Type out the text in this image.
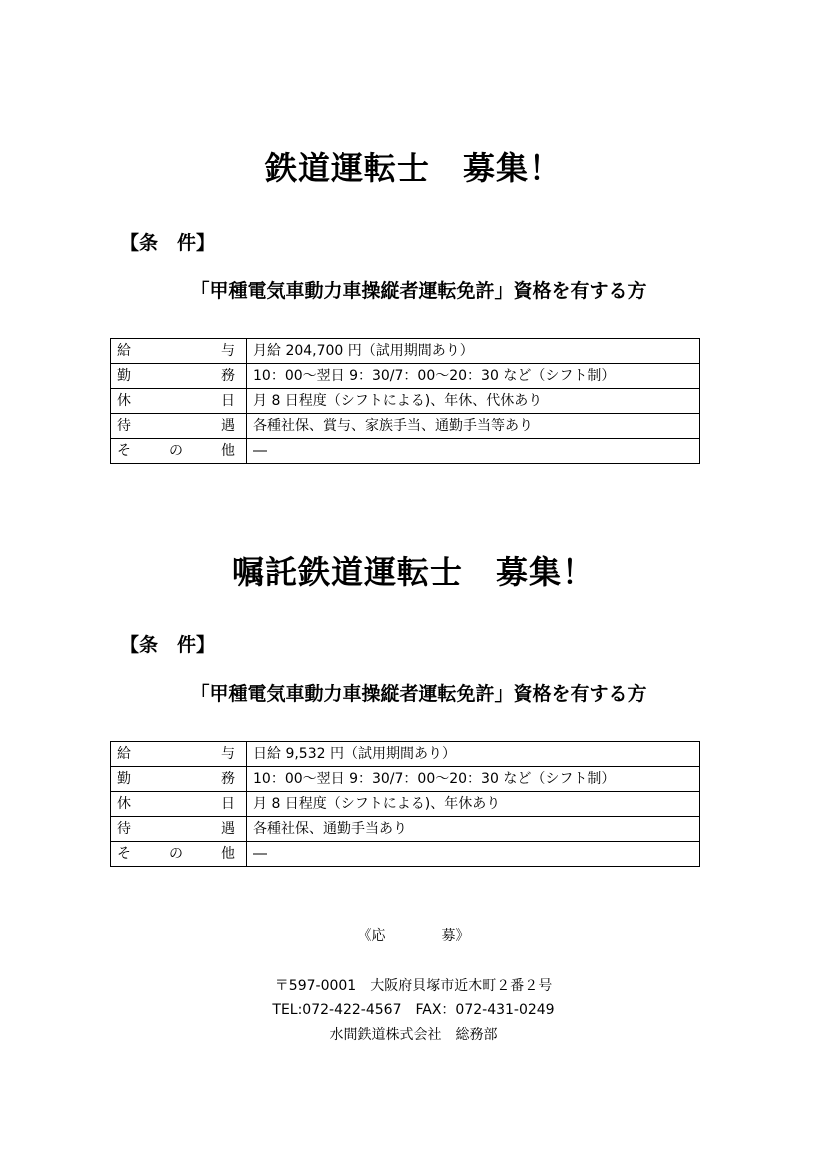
鉄道運転士　募集！

【条　件】

「甲種電気車動力車操縦者運転免許」資格を有する方

給 与	月給 204,700 円（試用期間あり）

勤 務	10：00～翌日 9：30/7：00～20：30 など（シフト制）

休 日	月 8 日程度（シフトによる)、年休、代休あり

待 遇	各種社保、賞与、家族手当、通勤手当等あり

そ の 他	―
嘱託鉄道運転士　募集！

【条　件】

「甲種電気車動力車操縦者運転免許」資格を有する方

給 与	日給 9,532 円（試用期間あり）

勤 務	10：00～翌日 9：30/7：00～20：30 など（シフト制）

休 日	月 8 日程度（シフトによる)、年休あり

待 遇	各種社保、通勤手当あり

そ の 他	―

《応　　　　募》

〒597-0001　大阪府貝塚市近木町２番２号

TEL:072-422-4567　FAX：072-431-0249

水間鉄道株式会社　総務部
